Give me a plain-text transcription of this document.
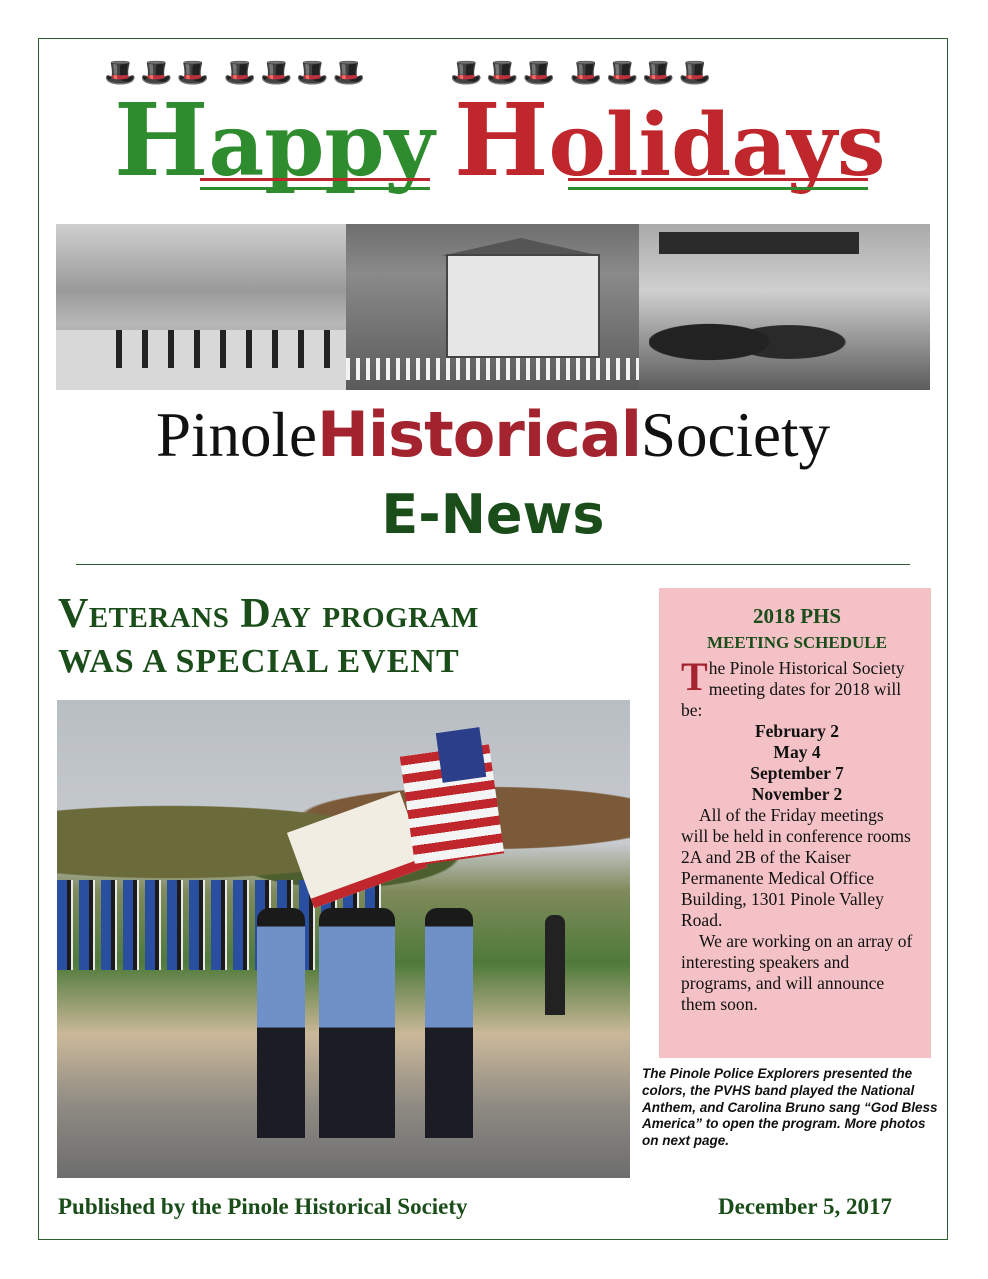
🎩🎩🎩 🎩🎩🎩🎩	🎩🎩🎩 🎩🎩🎩🎩
Happy Holidays
PinoleHistoricalSociety
E-News
Veterans Day program
WAS A SPECIAL EVENT

2018 PHS

MEETING SCHEDULE

The Pinole Historical Society meeting dates for 2018 will be:

February 2

May 4

September 7

November 2

All of the Friday meetings will be held in conference rooms 2A and 2B of the Kaiser Permanente Medical Office Building, 1301 Pinole Valley Road.

We are working on an array of interesting speakers and programs, and will announce them soon.

The Pinole Police Explorers presented the colors, the PVHS band played the National Anthem, and Carolina Bruno sang “God Bless America” to open the program. More photos on next page.
Published by the Pinole Historical Society	December 5, 2017
